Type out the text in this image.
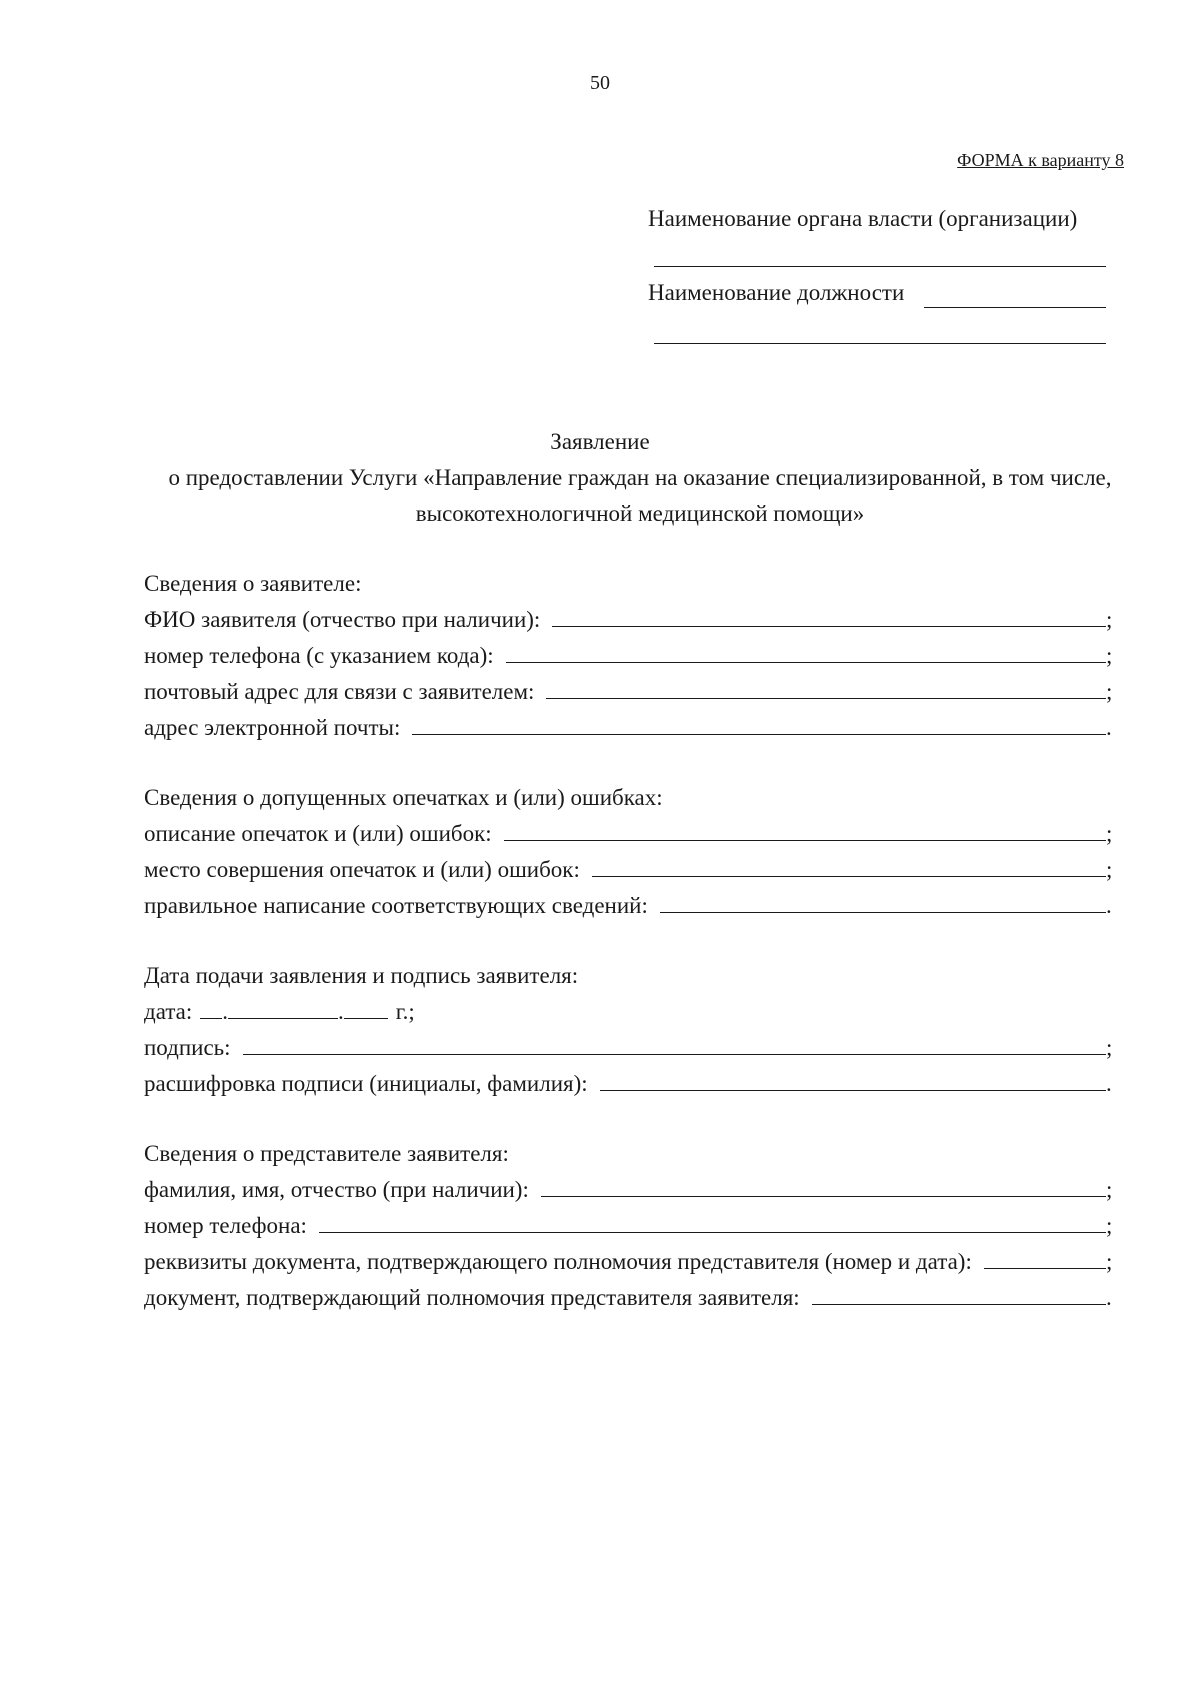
50
ФОРМА к варианту 8
Наименование органа власти (организации)
Наименование должности
Заявление
о предоставлении Услуги «Направление граждан на оказание специализированной, в том числе, высокотехнологичной медицинской помощи»
Сведения о заявителе:
ФИО заявителя (отчество при наличии):	;
номер телефона (с указанием кода):	;
почтовый адрес для связи с заявителем:	;
адрес электронной почты:	.
Сведения о допущенных опечатках и (или) ошибках:
описание опечаток и (или) ошибок:	;
место совершения опечаток и (или) ошибок:	;
правильное написание соответствующих сведений:	.
Дата подачи заявления и подпись заявителя:
дата: .	. г.;
подпись:	;
расшифровка подписи (инициалы, фамилия):	.
Сведения о представителе заявителя:
фамилия, имя, отчество (при наличии):	;
номер телефона:	;
реквизиты документа, подтверждающего полномочия представителя (номер и дата):	;
документ, подтверждающий полномочия представителя заявителя:	.
